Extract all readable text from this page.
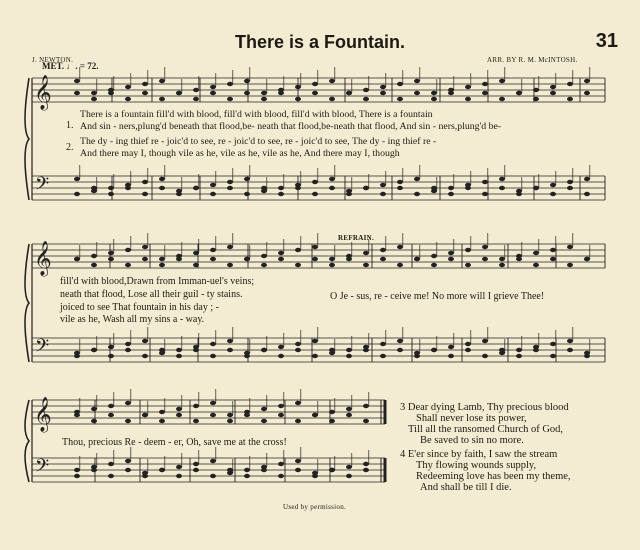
𝄞
𝄢
𝄞
𝄢
𝄞
𝄢
There is a Fountain.	31
J. NEWTON.	ARR. BY R. M. McINTOSH.
MET. ♩. = 72.
1.
2.
There is a fountain fill'd with blood, fill'd with blood, fill'd with blood, There is a fountain
And sin - ners,plung'd beneath that flood,be- neath that flood,be-neath that flood, And sin - ners,plung'd be-
The dy - ing thief re - joic'd to see, re - joic'd to see, re - joic'd to see, The dy - ing thief re -
And there may I, though vile as he, vile as he, vile as he, And there may I, though
REFRAIN.
fill'd with blood,Drawn from Imman-uel's veins;
neath that flood, Lose all their guil - ty stains.
joiced to see That fountain in his day ; -
vile as he, Wash all my sins a - way.
O Je - sus, re - ceive me! No more will I grieve Thee!
Thou, precious Re - deem - er, Oh, save me at the cross!
3 Dear dying Lamb, Thy precious blood
Shall never lose its power,
Till all the ransomed Church of God,
Be saved to sin no more.
4 E'er since by faith, I saw the stream
Thy flowing wounds supply,
Redeeming love has been my theme,
And shall be till I die.
Used by permission.
